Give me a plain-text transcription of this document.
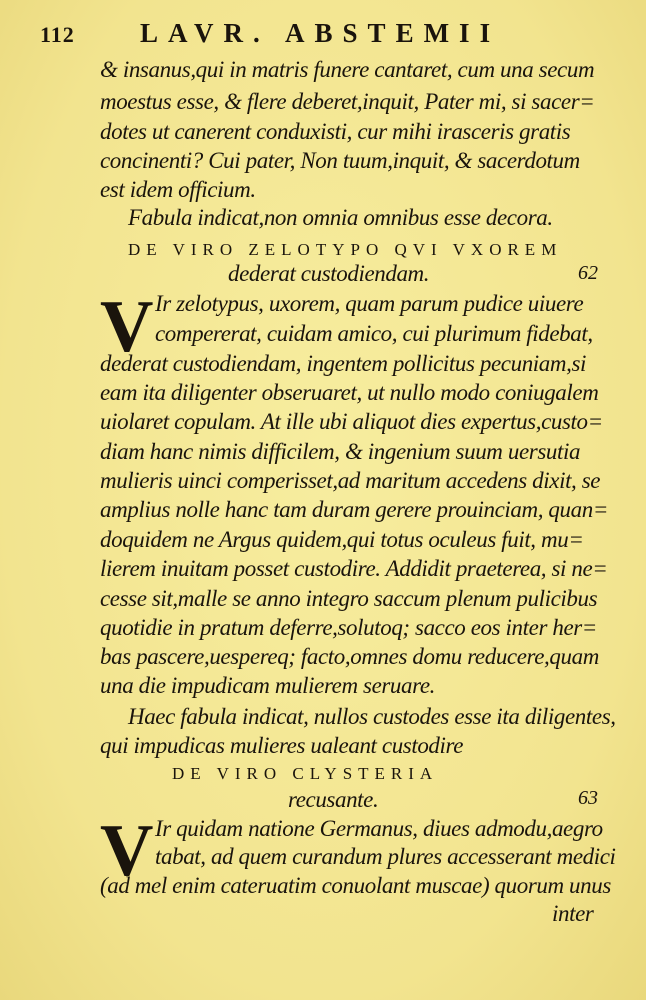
112 LAVR. ABSTEMII
& insanus,qui in matris funere cantaret, cum una secum
moestus esse, & flere deberet,inquit, Pater mi, si sacer=
dotes ut canerent conduxisti, cur mihi irasceris gratis
concinenti? Cui pater, Non tuum,inquit, & sacerdotum
est idem officium.
Fabula indicat,non omnia omnibus esse decora.
DE VIRO ZELOTYPO QVI VXOREM
dederat custodiendam.	62
V Ir zelotypus, uxorem, quam parum pudice uiuere
compererat, cuidam amico, cui plurimum fidebat,
dederat custodiendam, ingentem pollicitus pecuniam,si
eam ita diligenter obseruaret, ut nullo modo coniugalem
uiolaret copulam. At ille ubi aliquot dies expertus,custo=
diam hanc nimis difficilem, & ingenium suum uersutia
mulieris uinci comperisset,ad maritum accedens dixit, se
amplius nolle hanc tam duram gerere prouinciam, quan=
doquidem ne Argus quidem,qui totus oculeus fuit, mu=
lierem inuitam posset custodire. Addidit praeterea, si ne=
cesse sit,malle se anno integro saccum plenum pulicibus
quotidie in pratum deferre,solutoq; sacco eos inter her=
bas pascere,uespereq; facto,omnes domu reducere,quam
una die impudicam mulierem seruare.
Haec fabula indicat, nullos custodes esse ita diligentes,
qui impudicas mulieres ualeant custodire
DE VIRO CLYSTERIA
recusante.	63
V Ir quidam natione Germanus, diues admodu,aegro
tabat, ad quem curandum plures accesserant medici
(ad mel enim cateruatim conuolant muscae) quorum unus
inter
